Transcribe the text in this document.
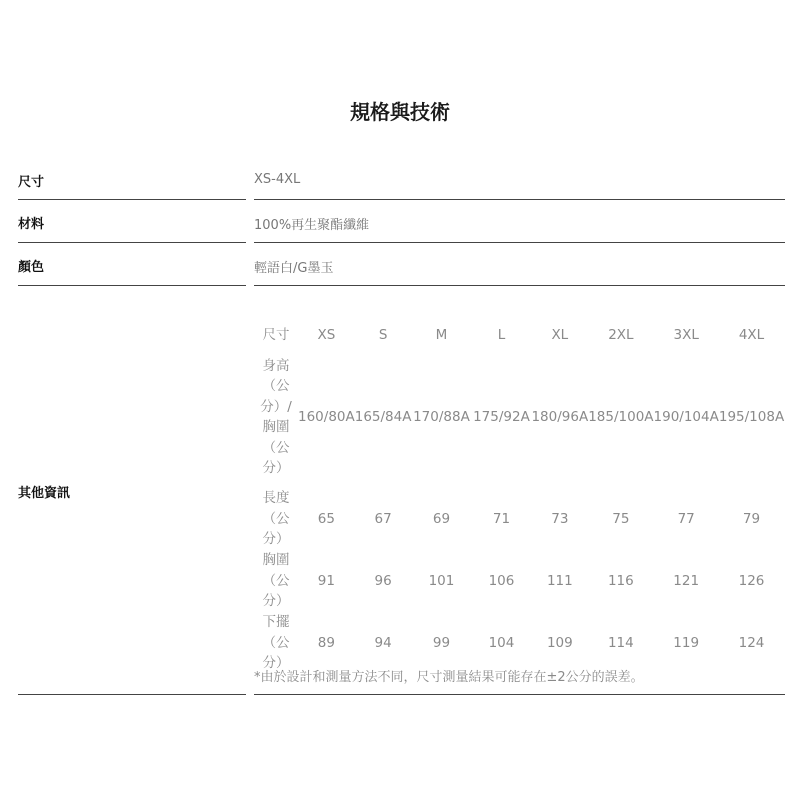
規格與技術
尺寸	XS-4XL
材料	100%再生聚酯纖維
顏色	輕語白/G墨玉
其他資訊
尺寸	XS	S	M	L	XL	2XL	3XL	4XL
身高（公分）/胸圍（公分）	160/80A	165/84A	170/88A	175/92A	180/96A	185/100A	190/104A	195/108A
長度（公分）	65	67	69	71	73	75	77	79
胸圍（公分）	91	96	101	106	111	116	121	126
下擺（公分）	89	94	99	104	109	114	119	124
*由於設計和測量方法不同，尺寸測量結果可能存在±2公分的誤差。
